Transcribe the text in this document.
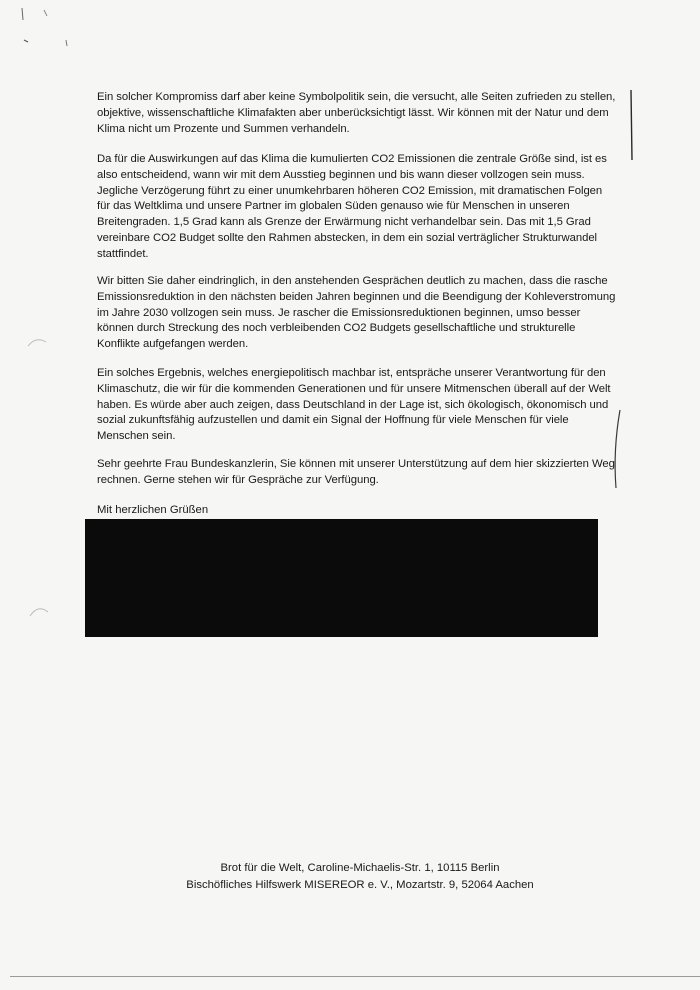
Ein solcher Kompromiss darf aber keine Symbolpolitik sein, die versucht, alle Seiten zufrieden zu stellen, objektive, wissenschaftliche Klimafakten aber unberücksichtigt lässt. Wir können mit der Natur und dem Klima nicht um Prozente und Summen verhandeln.

Da für die Auswirkungen auf das Klima die kumulierten CO2 Emissionen die zentrale Größe sind, ist es also entscheidend, wann wir mit dem Ausstieg beginnen und bis wann dieser vollzogen sein muss. Jegliche Verzögerung führt zu einer unumkehrbaren höheren CO2 Emission, mit dramatischen Folgen für das Weltklima und unsere Partner im globalen Süden genauso wie für Menschen in unseren Breitengraden. 1,5 Grad kann als Grenze der Erwärmung nicht verhandelbar sein. Das mit 1,5 Grad vereinbare CO2 Budget sollte den Rahmen abstecken, in dem ein sozial verträglicher Strukturwandel stattfindet.

Wir bitten Sie daher eindringlich, in den anstehenden Gesprächen deutlich zu machen, dass die rasche Emissionsreduktion in den nächsten beiden Jahren beginnen und die Beendigung der Kohleverstromung im Jahre 2030 vollzogen sein muss. Je rascher die Emissionsreduktionen beginnen, umso besser können durch Streckung des noch verbleibenden CO2 Budgets gesellschaftliche und strukturelle Konflikte aufgefangen werden.

Ein solches Ergebnis, welches energiepolitisch machbar ist, entspräche unserer Verantwortung für den Klimaschutz, die wir für die kommenden Generationen und für unsere Mitmenschen überall auf der Welt haben. Es würde aber auch zeigen, dass Deutschland in der Lage ist, sich ökologisch, ökonomisch und sozial zukunftsfähig aufzustellen und damit ein Signal der Hoffnung für viele Menschen für viele Menschen sein.

Sehr geehrte Frau Bundeskanzlerin, Sie können mit unserer Unterstützung auf dem hier skizzierten Weg rechnen. Gerne stehen wir für Gespräche zur Verfügung.

Mit herzlichen Grüßen
Brot für die Welt, Caroline-Michaelis-Str. 1, 10115 Berlin
Bischöfliches Hilfswerk MISEREOR e. V., Mozartstr. 9, 52064 Aachen
